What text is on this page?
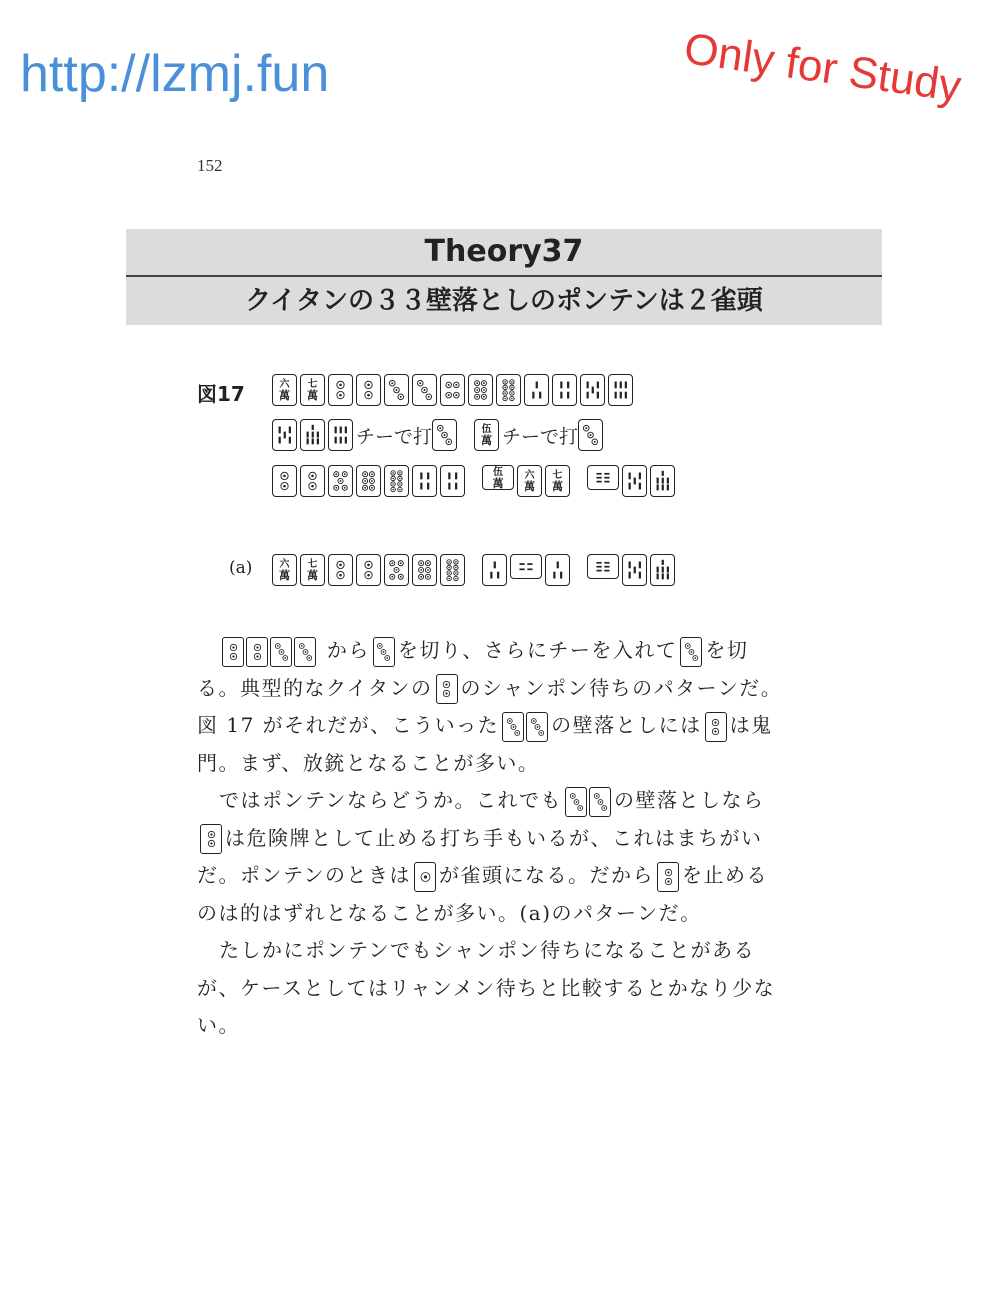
http://lzmj.fun	Only for Study
152
Theory37
クイタンの３３壁落としのポンテンは２雀頭
図17	六
萬
七
萬
チーで打	伍
萬 チーで打
伍
萬
六
萬
七
萬
(a)	六
萬
七
萬

から を切り、さらにチーを入れて を切る。典型的なクイタンの のシャンポン待ちのパターンだ。図 17 がそれだが、こういった	の壁落としには は鬼門。まず、放銃となることが多い。

ではポンテンならどうか。これでも	の壁落としなら
は危険牌として止める打ち手もいるが、これはまちがいだ。ポンテンのときは が雀頭になる。だから を止めるのは的はずれとなることが多い。(a)のパターンだ。

たしかにポンテンでもシャンポン待ちになることがあるが、ケースとしてはリャンメン待ちと比較するとかなり少ない。
